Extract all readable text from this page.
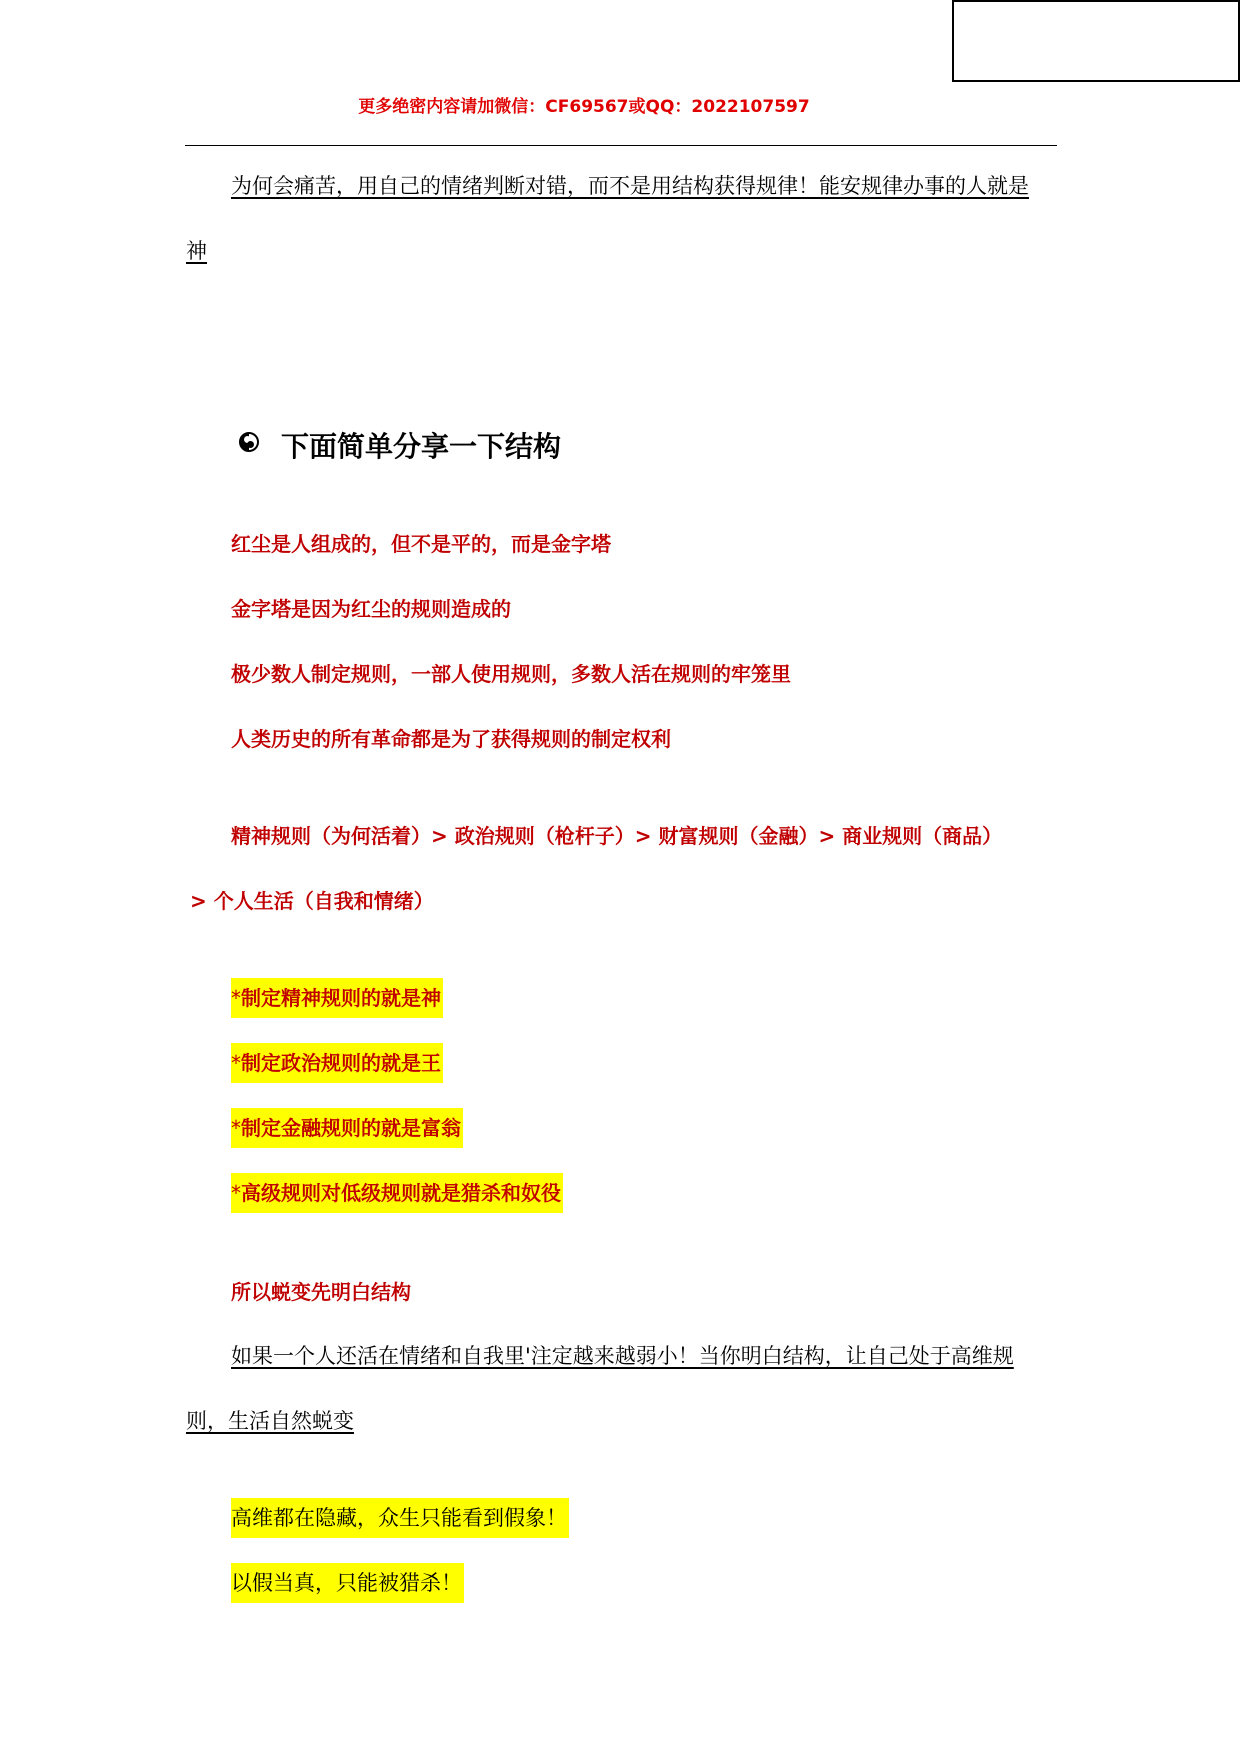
更多绝密内容请加微信：CF69567或QQ：2022107597
为何会痛苦，用自己的情绪判断对错，而不是用结构获得规律！能安规律办事的人就是
神
下面简单分享一下结构
红尘是人组成的，但不是平的，而是金字塔
金字塔是因为红尘的规则造成的
极少数人制定规则，一部人使用规则，多数人活在规则的牢笼里
人类历史的所有革命都是为了获得规则的制定权利
精神规则（为何活着）> 政治规则（枪杆子）> 财富规则（金融）> 商业规则（商品）
> 个人生活（自我和情绪）
*制定精神规则的就是神
*制定政治规则的就是王
*制定金融规则的就是富翁
*高级规则对低级规则就是猎杀和奴役
所以蜕变先明白结构
如果一个人还活在情绪和自我里'注定越来越弱小！当你明白结构，让自己处于高维规
则，生活自然蜕变
高维都在隐藏，众生只能看到假象！
以假当真，只能被猎杀！
